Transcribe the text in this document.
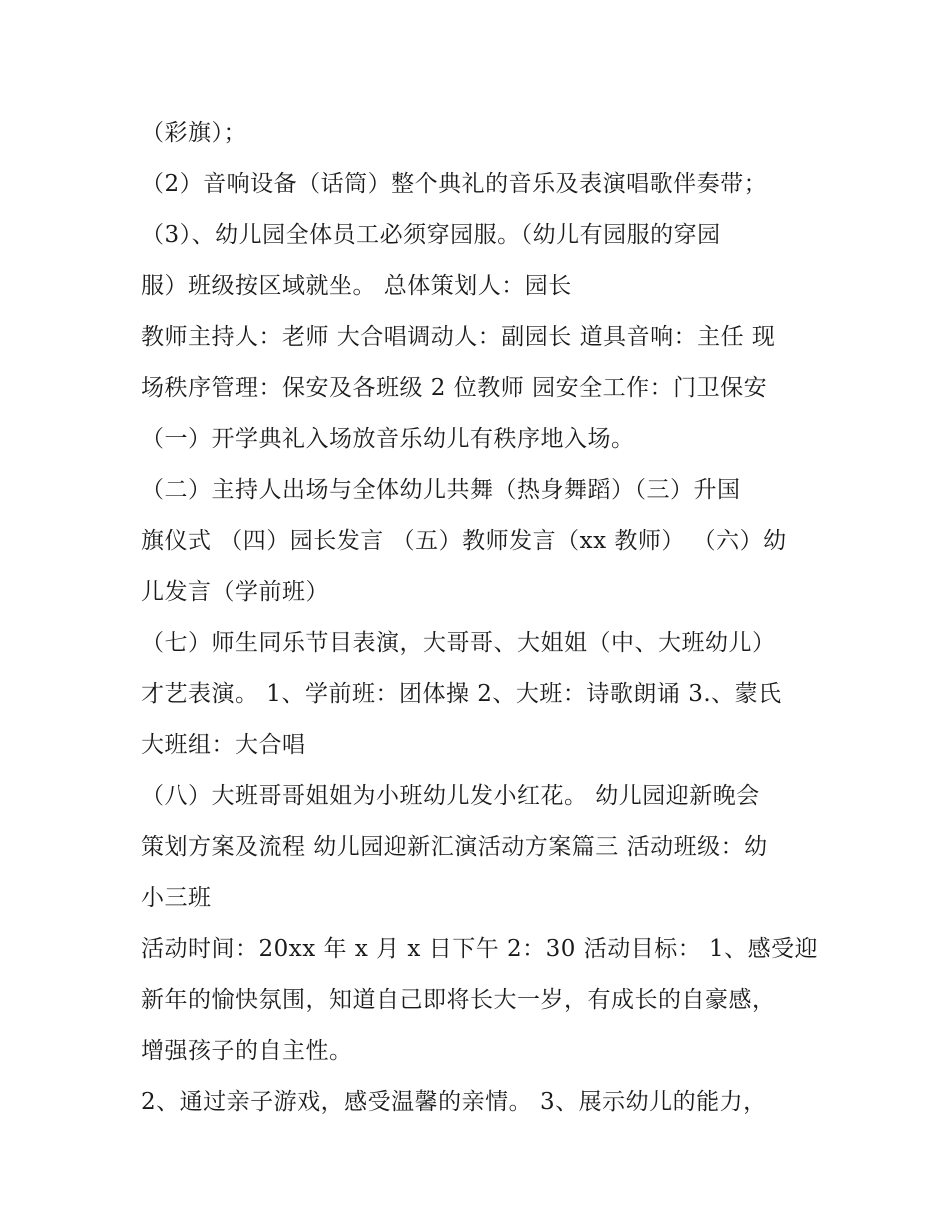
（彩旗）；
（2）音响设备（话筒）整个典礼的音乐及表演唱歌伴奏带；
（3）、幼儿园全体员工必须穿园服。（幼儿有园服的穿园
服）班级按区域就坐。 总体策划人：园长
教师主持人：老师 大合唱调动人：副园长 道具音响：主任 现
场秩序管理：保安及各班级 2 位教师 园安全工作：门卫保安
（一）开学典礼入场放音乐幼儿有秩序地入场。
（二）主持人出场与全体幼儿共舞（热身舞蹈）（三）升国
旗仪式 （四）园长发言 （五）教师发言（xx 教师） （六）幼
儿发言（学前班）
（七）师生同乐节目表演，大哥哥、大姐姐（中、大班幼儿）
才艺表演。 1、学前班：团体操 2、大班：诗歌朗诵 3.、蒙氏
大班组：大合唱
（八）大班哥哥姐姐为小班幼儿发小红花。 幼儿园迎新晚会
策划方案及流程 幼儿园迎新汇演活动方案篇三 活动班级：幼
小三班
活动时间：20xx 年 x 月 x 日下午 2：30 活动目标： 1、感受迎
新年的愉快氛围，知道自己即将长大一岁，有成长的自豪感，
增强孩子的自主性。
2、通过亲子游戏，感受温馨的亲情。 3、展示幼儿的能力，
